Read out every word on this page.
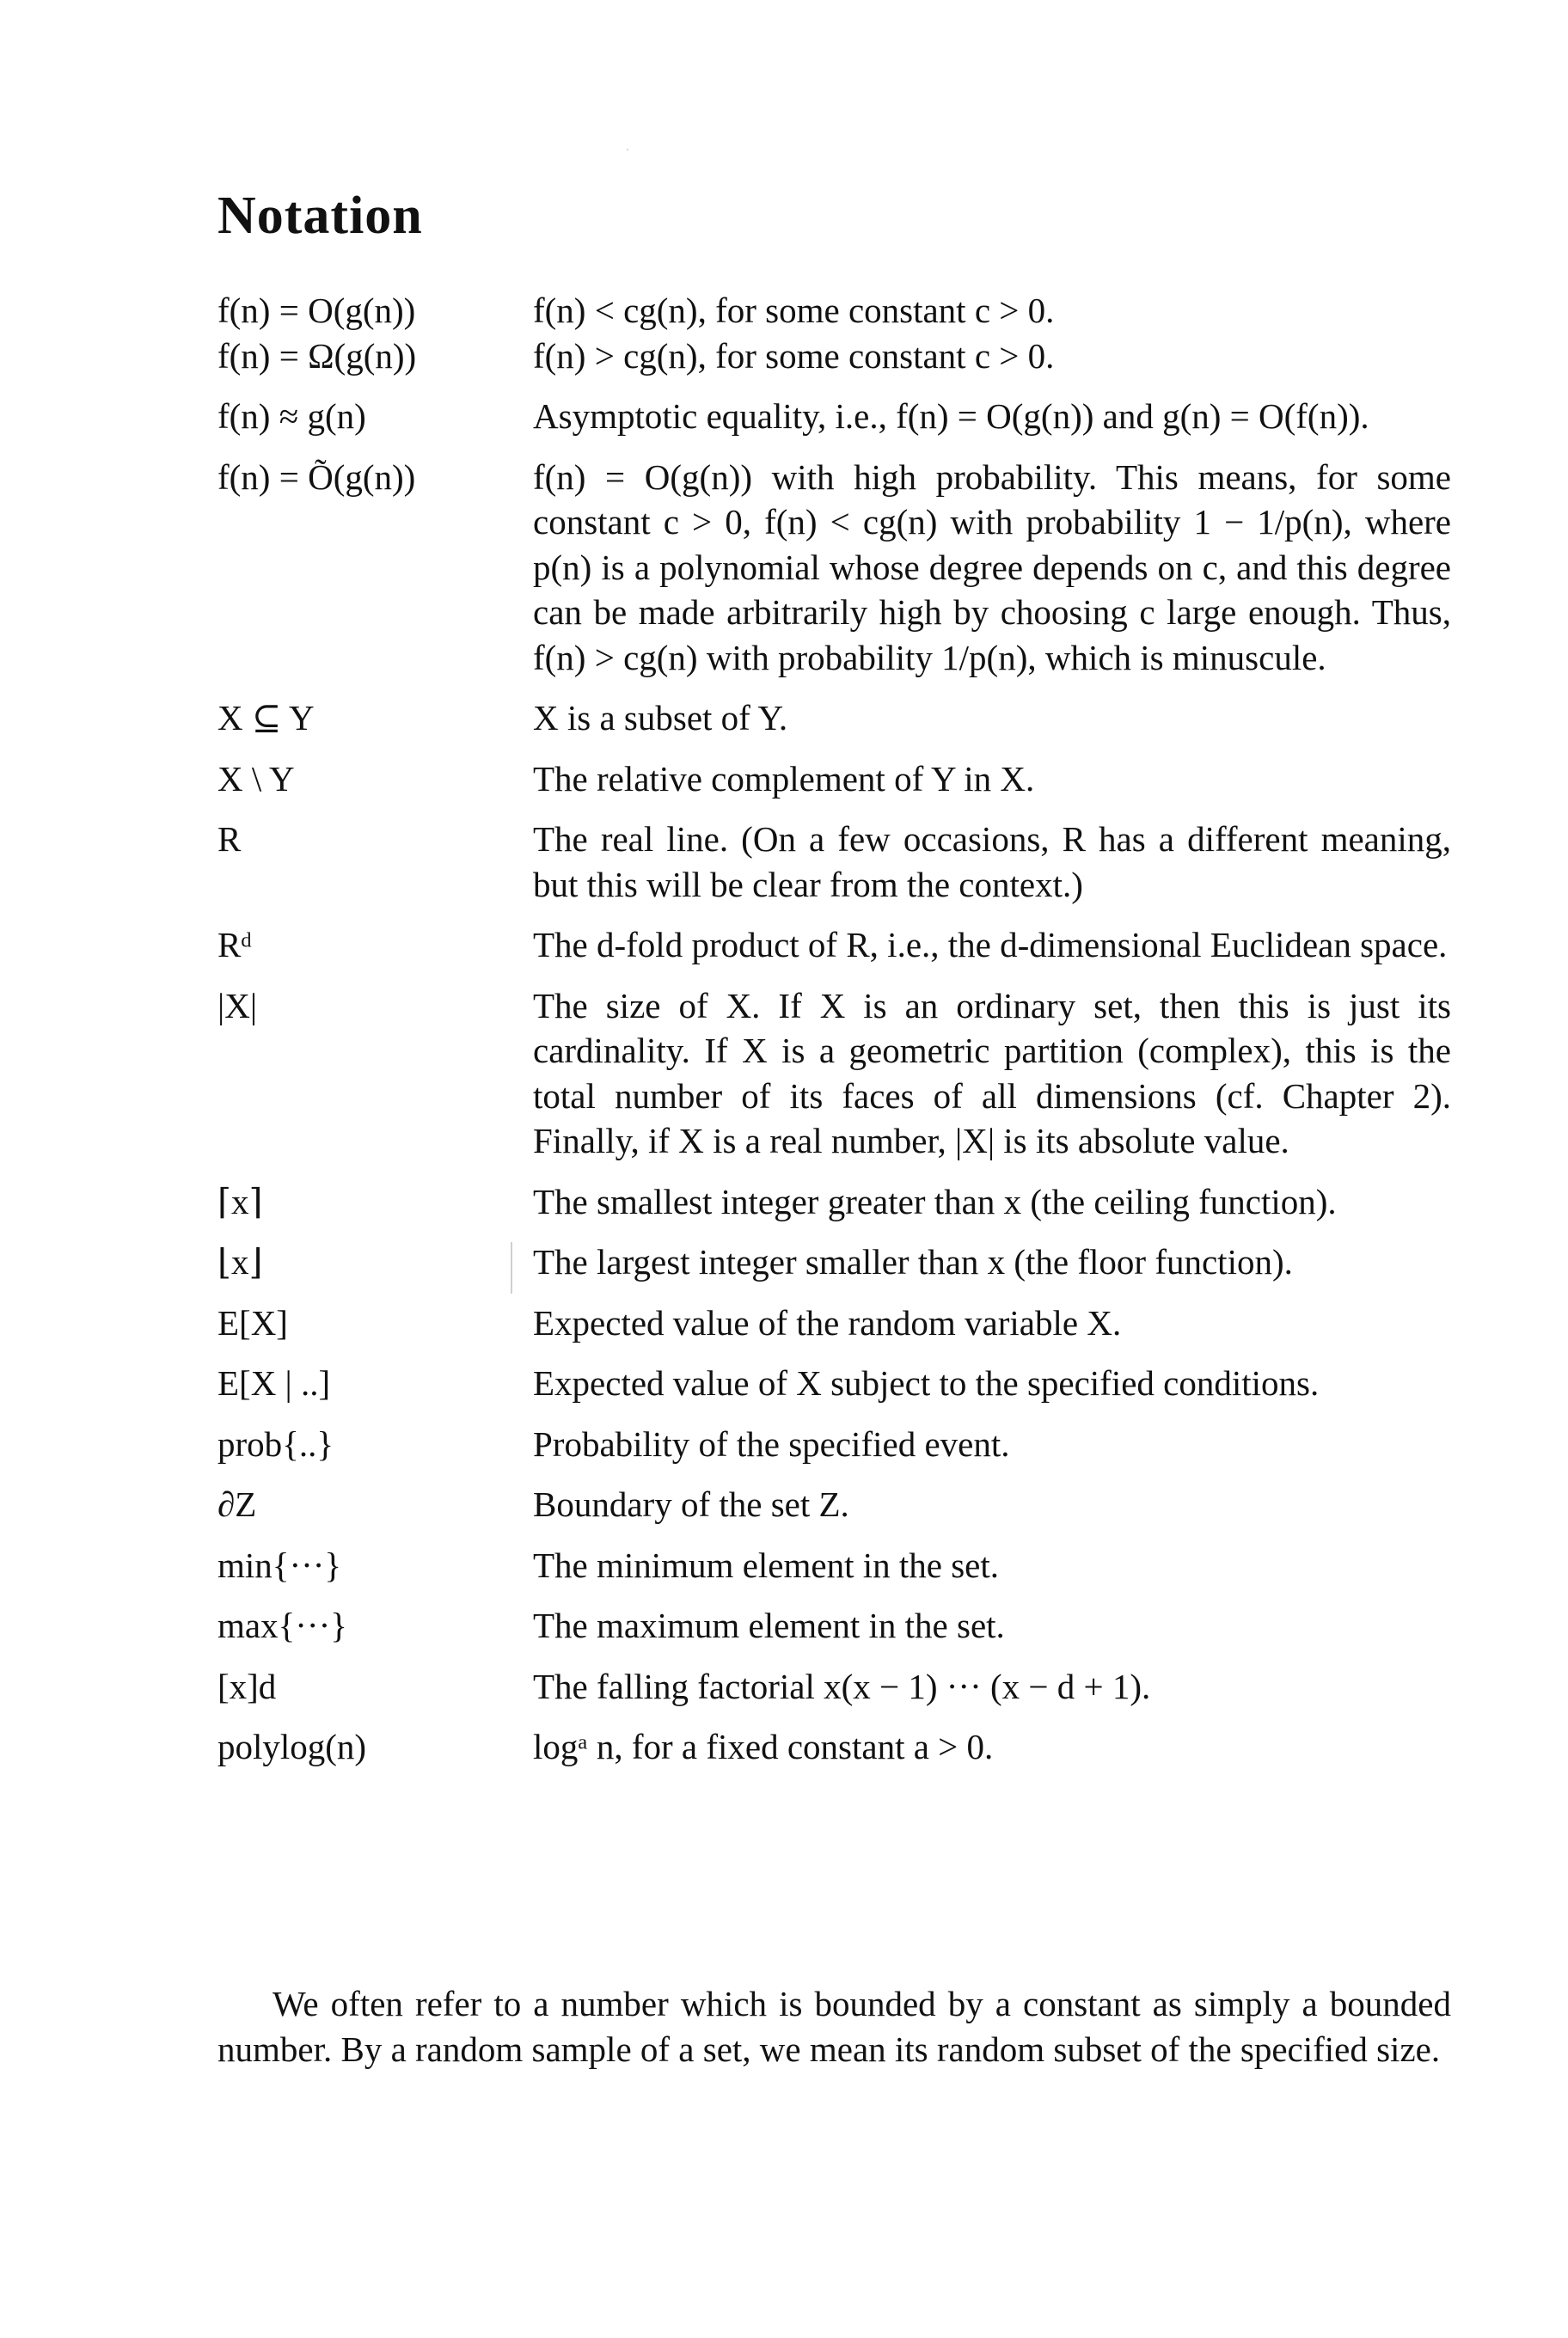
Notation
f(n) = O(g(n))	f(n) < cg(n), for some constant c > 0.
f(n) = Ω(g(n))	f(n) > cg(n), for some constant c > 0.
f(n) ≈ g(n)	Asymptotic equality, i.e., f(n) = O(g(n)) and g(n) = O(f(n)).
f(n) = Õ(g(n))	f(n) = O(g(n)) with high probability. This means, for some constant c > 0, f(n) < cg(n) with probability 1 − 1/p(n), where p(n) is a polynomial whose degree depends on c, and this degree can be made arbitrarily high by choosing c large enough. Thus, f(n) > cg(n) with probability 1/p(n), which is minuscule.
X ⊆ Y	X is a subset of Y.
X \ Y	The relative complement of Y in X.
R	The real line. (On a few occasions, R has a different meaning, but this will be clear from the context.)
Rᵈ	The d-fold product of R, i.e., the d-dimensional Euclidean space.
|X|	The size of X. If X is an ordinary set, then this is just its cardinality. If X is a geometric partition (complex), this is the total number of its faces of all dimensions (cf. Chapter 2). Finally, if X is a real number, |X| is its absolute value.
⌈x⌉	The smallest integer greater than x (the ceiling function).
⌊x⌋	The largest integer smaller than x (the floor function).
E[X]	Expected value of the random variable X.
E[X | ..]	Expected value of X subject to the specified conditions.
prob{..}	Probability of the specified event.
∂Z	Boundary of the set Z.
min{···}	The minimum element in the set.
max{···}	The maximum element in the set.
[x]d	The falling factorial x(x − 1) ··· (x − d + 1).
polylog(n)	logᵃ n, for a fixed constant a > 0.
We often refer to a number which is bounded by a constant as simply a bounded number. By a random sample of a set, we mean its random subset of the specified size.
